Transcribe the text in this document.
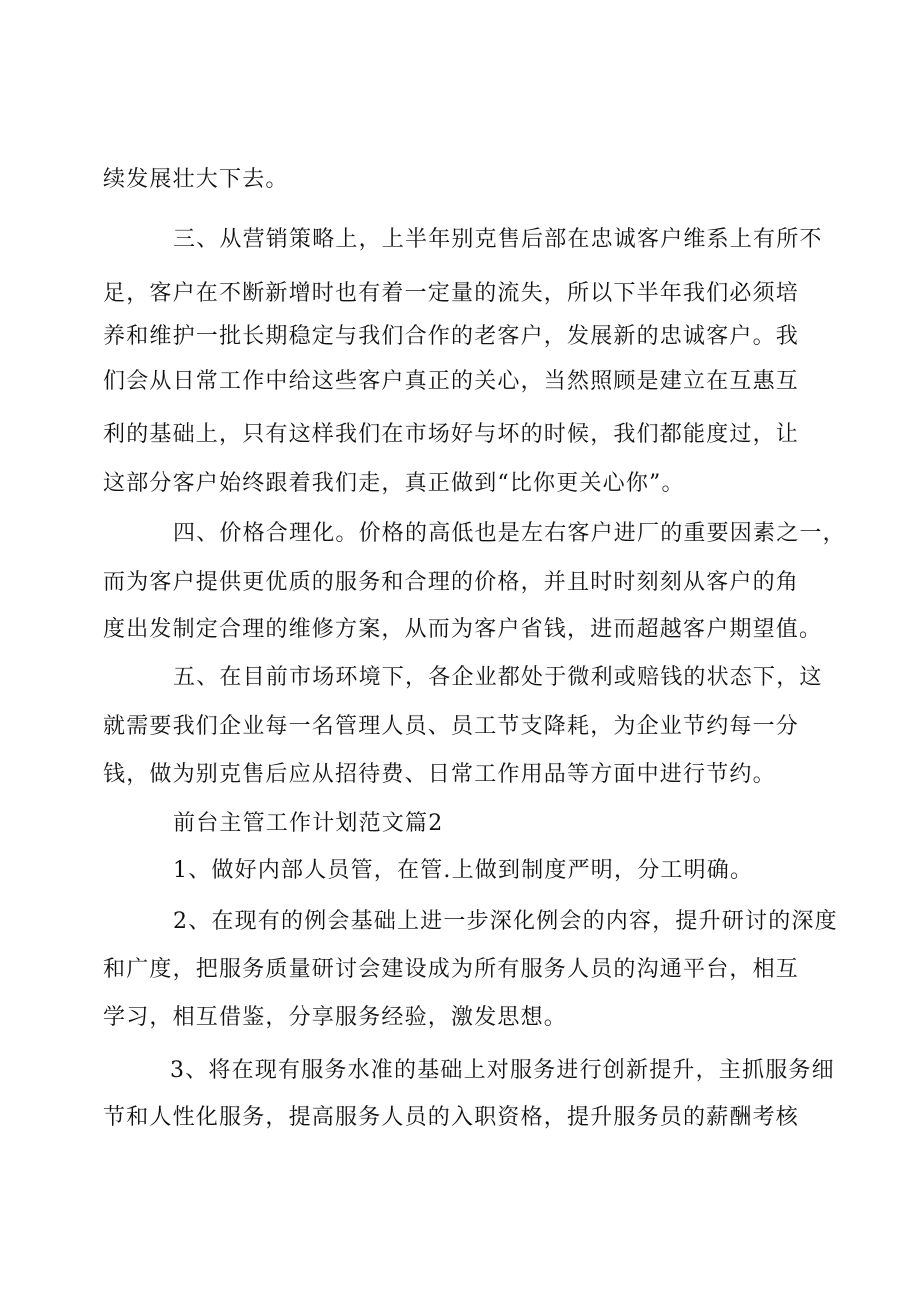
续发展壮大下去。
三、从营销策略上，上半年别克售后部在忠诚客户维系上有所不
足，客户在不断新增时也有着一定量的流失，所以下半年我们必须培
养和维护一批长期稳定与我们合作的老客户，发展新的忠诚客户。我
们会从日常工作中给这些客户真正的关心，当然照顾是建立在互惠互
利的基础上，只有这样我们在市场好与坏的时候，我们都能度过，让
这部分客户始终跟着我们走，真正做到“比你更关心你”。
四、价格合理化。价格的高低也是左右客户进厂的重要因素之一，
而为客户提供更优质的服务和合理的价格，并且时时刻刻从客户的角
度出发制定合理的维修方案，从而为客户省钱，进而超越客户期望值。
五、在目前市场环境下，各企业都处于微利或赔钱的状态下，这
就需要我们企业每一名管理人员、员工节支降耗，为企业节约每一分
钱，做为别克售后应从招待费、日常工作用品等方面中进行节约。
前台主管工作计划范文篇2
1、做好内部人员管，在管.上做到制度严明，分工明确。
2、在现有的例会基础上进一步深化例会的内容，提升研讨的深度
和广度，把服务质量研讨会建设成为所有服务人员的沟通平台，相互
学习，相互借鉴，分享服务经验，激发思想。
3、将在现有服务水准的基础上对服务进行创新提升，主抓服务细
节和人性化服务，提高服务人员的入职资格，提升服务员的薪酬考核
